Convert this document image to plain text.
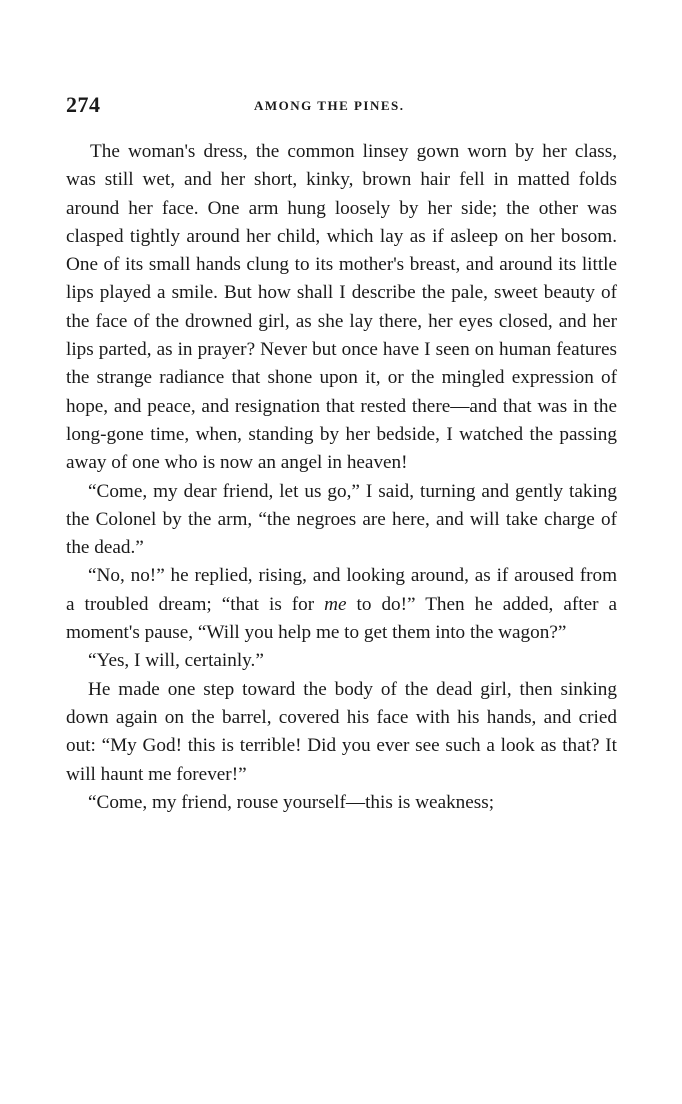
274	AMONG THE PINES.

The woman's dress, the common linsey gown worn by her class, was still wet, and her short, kinky, brown hair fell in matted folds around her face. One arm hung loosely by her side; the other was clasped tightly around her child, which lay as if asleep on her bosom. One of its small hands clung to its mother's breast, and around its little lips played a smile. But how shall I describe the pale, sweet beauty of the face of the drowned girl, as she lay there, her eyes closed, and her lips parted, as in prayer? Never but once have I seen on human features the strange radiance that shone upon it, or the mingled expression of hope, and peace, and resignation that rested there—and that was in the long-gone time, when, standing by her bedside, I watched the passing away of one who is now an angel in heaven!

“Come, my dear friend, let us go,” I said, turning and gently taking the Colonel by the arm, “the negroes are here, and will take charge of the dead.”

“No, no!” he replied, rising, and looking around, as if aroused from a troubled dream; “that is for me to do!” Then he added, after a moment's pause, “Will you help me to get them into the wagon?”

“Yes, I will, certainly.”

He made one step toward the body of the dead girl, then sinking down again on the barrel, covered his face with his hands, and cried out: “My God! this is terrible! Did you ever see such a look as that? It will haunt me forever!”

“Come, my friend, rouse yourself—this is weakness;
